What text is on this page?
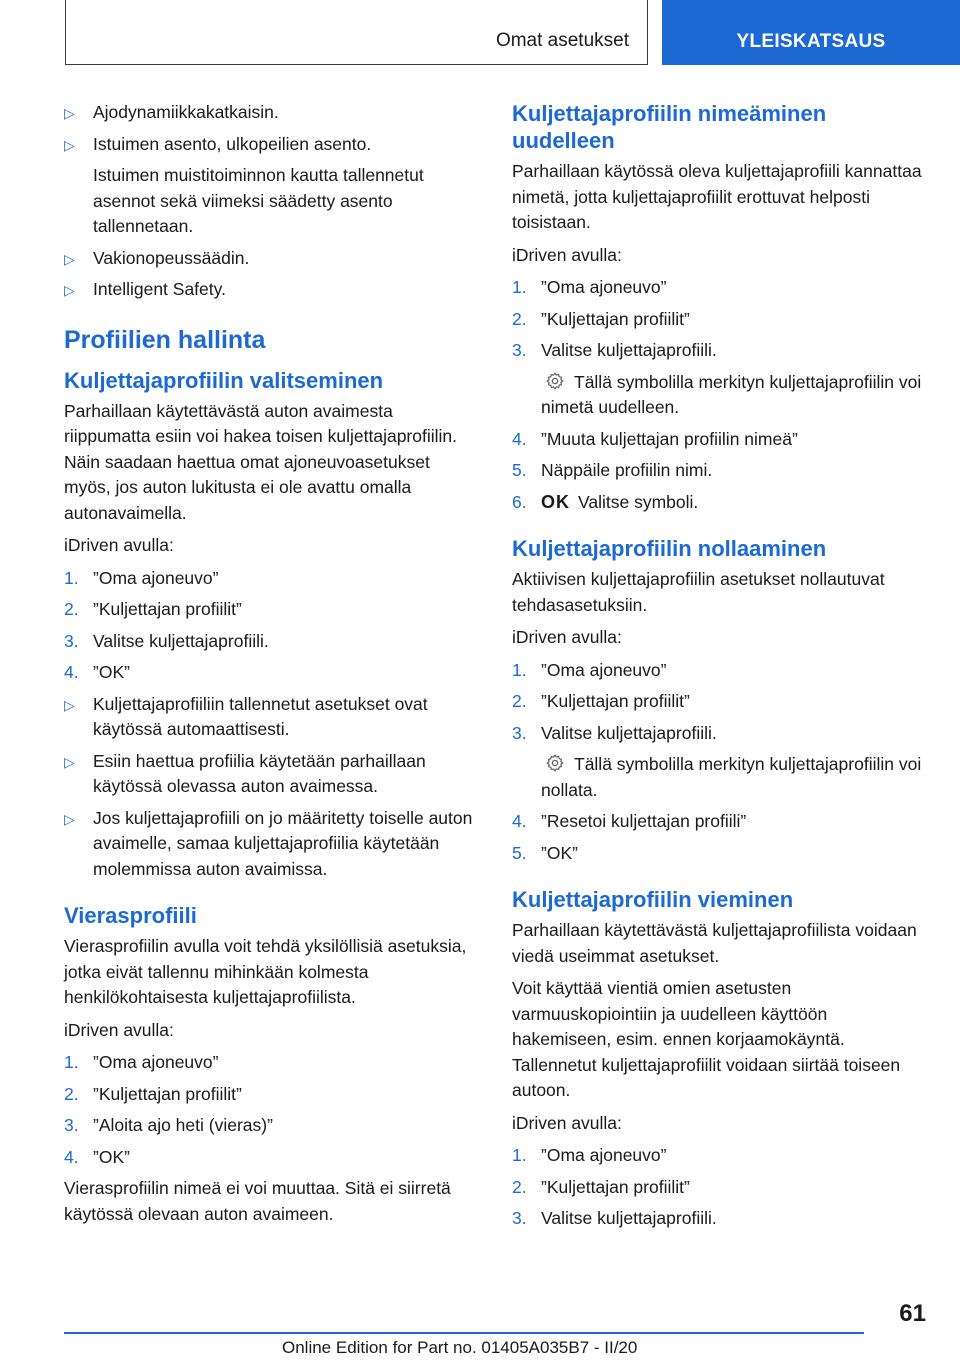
Omat asetukset	YLEISKATSAUS
▷ Ajodynamiikkakatkaisin.
▷ Istuimen asento, ulkopeilien asento.
Istuimen muistitoiminnon kautta tallennetut asennot sekä viimeksi säädetty asento tallennetaan.
▷ Vakionopeussäädin.
▷ Intelligent Safety.
Profiilien hallinta
Kuljettajaprofiilin valitseminen

Parhaillaan käytettävästä auton avaimesta riippumatta esiin voi hakea toisen kuljettajaprofiilin. Näin saadaan haettua omat ajoneuvoasetukset myös, jos auton lukitusta ei ole avattu omalla autonavaimella.

iDriven avulla:

1. ”Oma ajoneuvo”
2. ”Kuljettajan profiilit”
3. Valitse kuljettajaprofiili.
4. ”OK”
▷ Kuljettajaprofiiliin tallennetut asetukset ovat käytössä automaattisesti.
▷ Esiin haettua profiilia käytetään parhaillaan käytössä olevassa auton avaimessa.
▷ Jos kuljettajaprofiili on jo määritetty toiselle auton avaimelle, samaa kuljettajaprofiilia käytetään molemmissa auton avaimissa.
Vierasprofiili

Vierasprofiilin avulla voit tehdä yksilöllisiä asetuksia, jotka eivät tallennu mihinkään kolmesta henkilökohtaisesta kuljettajaprofiilista.

iDriven avulla:

1. ”Oma ajoneuvo”
2. ”Kuljettajan profiilit”
3. ”Aloita ajo heti (vieras)”
4. ”OK”

Vierasprofiilin nimeä ei voi muuttaa. Sitä ei siirretä käytössä olevaan auton avaimeen.

Kuljettajaprofiilin nimeäminen uudelleen

Parhaillaan käytössä oleva kuljettajaprofiili kannattaa nimetä, jotta kuljettajaprofiilit erottuvat helposti toisistaan.

iDriven avulla:

1. ”Oma ajoneuvo”
2. ”Kuljettajan profiilit”
3. Valitse kuljettajaprofiili.
Tällä symbolilla merkityn kuljettajaprofiilin voi nimetä uudelleen.
4. ”Muuta kuljettajan profiilin nimeä”
5. Näppäile profiilin nimi.
6. OK Valitse symboli.
Kuljettajaprofiilin nollaaminen

Aktiivisen kuljettajaprofiilin asetukset nollautuvat tehdasasetuksiin.

iDriven avulla:

1. ”Oma ajoneuvo”
2. ”Kuljettajan profiilit”
3. Valitse kuljettajaprofiili.
Tällä symbolilla merkityn kuljettajaprofiilin voi nollata.
4. ”Resetoi kuljettajan profiili”
5. ”OK”
Kuljettajaprofiilin vieminen

Parhaillaan käytettävästä kuljettajaprofiilista voidaan viedä useimmat asetukset.

Voit käyttää vientiä omien asetusten varmuuskopiointiin ja uudelleen käyttöön hakemiseen, esim. ennen korjaamokäyntä. Tallennetut kuljettajaprofiilit voidaan siirtää toiseen autoon.

iDriven avulla:

1. ”Oma ajoneuvo”
2. ”Kuljettajan profiilit”
3. Valitse kuljettajaprofiili.
61
Online Edition for Part no. 01405A035B7 - II/20
